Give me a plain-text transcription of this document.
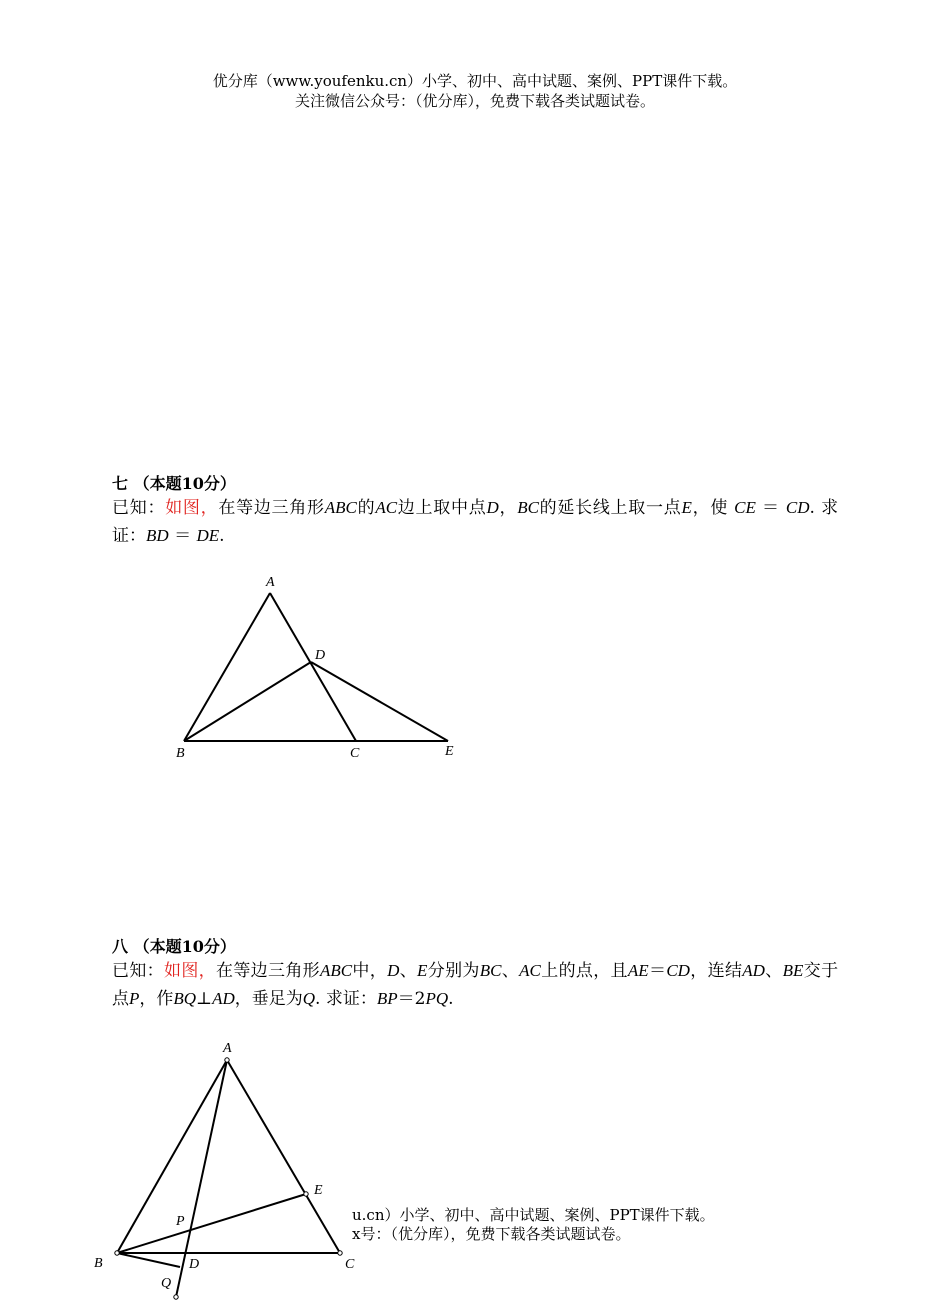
优分库（www.youfenku.cn）小学、初中、高中试题、案例、PPT课件下载。
关注微信公众号：（优分库），免费下载各类试题试卷。
七 （本题10分）
已知：如图，在等边三角形ABC的AC边上取中点D，BC的延长线上取一点E，使 CE ＝ CD. 求证：BD ＝ DE.
A
B	C
D
E
A
B	C
D
E
P
Q
八 （本题10分）
已知：如图，在等边三角形ABC中，D、E分别为BC、AC上的点，且AE＝CD，连结AD、BE交于点P，作BQ⊥AD，垂足为Q. 求证：BP＝2PQ.
u.cn）小学、初中、高中试题、案例、PPT课件下载。
x号：（优分库），免费下载各类试题试卷。
